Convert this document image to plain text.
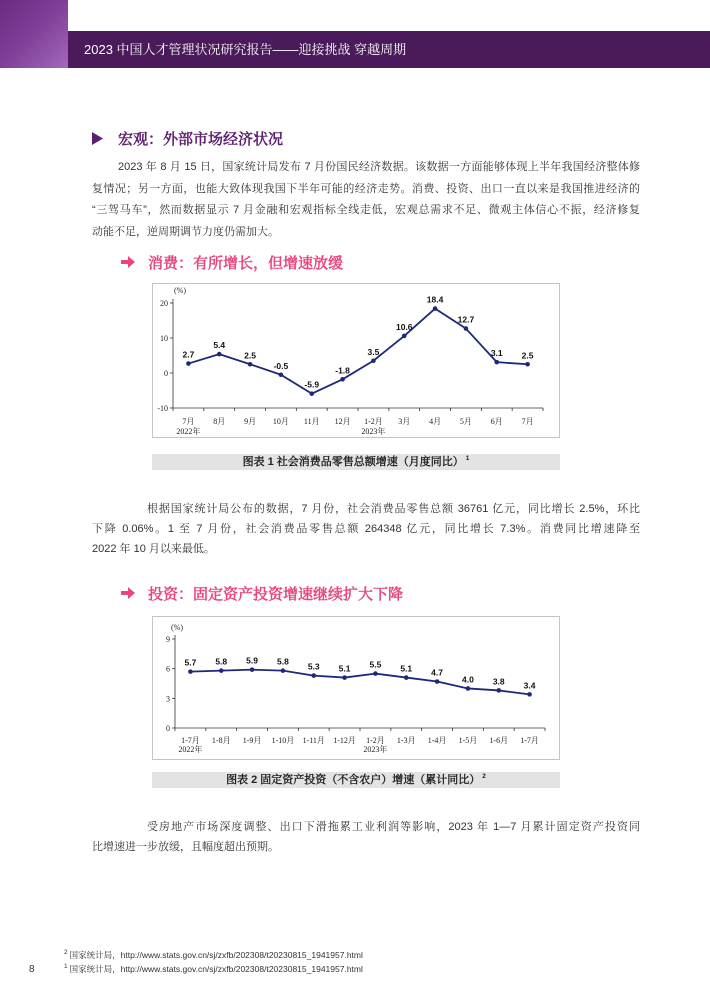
2023 中国人才管理状况研究报告——迎接挑战 穿越周期
宏观：外部市场经济状况
2023 年 8 月 15 日，国家统计局发布 7 月份国民经济数据。该数据一方面能够体现上半年我国经济整体修
复情况；另一方面，也能大致体现我国下半年可能的经济走势。消费、投资、出口一直以来是我国推进经济的
“三驾马车”，然而数据显示 7 月金融和宏观指标全线走低，宏观总需求不足、微观主体信心不振，经济修复
动能不足，逆周期调节力度仍需加大。
消费：有所增长，但增速放缓
20
10
0
-10
7月 8月 9月 10月 11月 12月 1-2月 3月 4月 5月 6月 7月
2022年	2023年
(%)
2.7
5.4
2.5
-0.5
-5.9
-1.8
3.5
10.6
18.4
12.7
3.1 2.5
图表 1 社会消费品零售总额增速（月度同比） $^1$
根据国家统计局公布的数据，7 月份，社会消费品零售总额 36761 亿元，同比增长 2.5%，环比
下降 0.06%。1 至 7 月份，社会消费品零售总额 264348 亿元，同比增长 7.3%。消费同比增速降至
2022 年 10 月以来最低。
投资：固定资产投资增速继续扩大下降
9
6
3
0
1-7月 1-8月 1-9月 1-10月 1-11月 1-12月 1-2月 1-3月 1-4月 1-5月 1-6月 1-7月
2022年	2023年
(%)
5.7 5.8 5.9 5.8 5.3 5.1 5.5 5.1 4.7
4.0 3.8 3.4
图表 2 固定资产投资（不含农户）增速（累计同比） $^2$
受房地产市场深度调整、出口下滑拖累工业利润等影响，2023 年 1—7 月累计固定资产投资同
比增速进一步放缓，且幅度超出预期。
$^2$ 国家统计局，http://www.stats.gov.cn/sj/zxfb/202308/t20230815_1941957.html
$^1$ 国家统计局，http://www.stats.gov.cn/sj/zxfb/202308/t20230815_1941957.html
8
